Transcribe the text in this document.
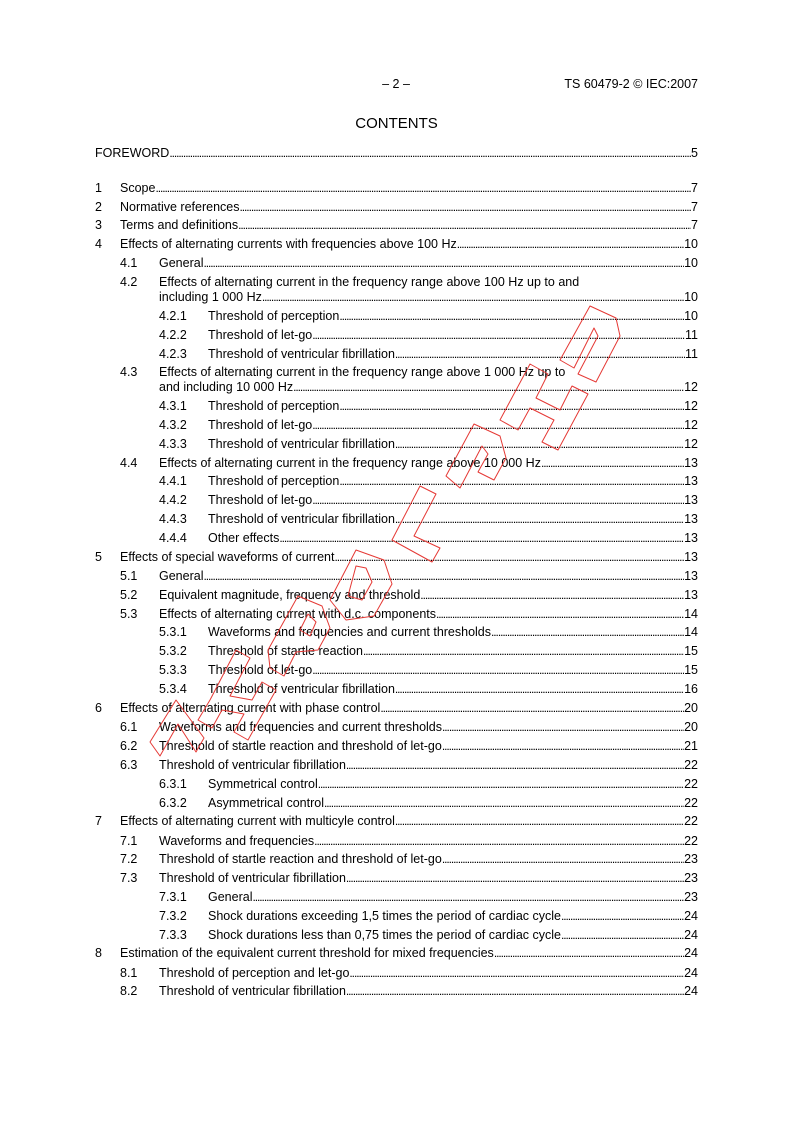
– 2 –	TS 60479-2 © IEC:2007
CONTENTS
FOREWORD . . .	5
1 Scope . . .	7
2 Normative references . . .	7
3 Terms and definitions . . .	7
4 Effects of alternating currents with frequencies above 100 Hz . . .	10
4.1 General . . .	10
4.2 Effects of alternating current in the frequency range above 100 Hz up to and
including 1 000 Hz . . .	10
4.2.1 Threshold of perception . . .	10
4.2.2 Threshold of let-go . . .	11
4.2.3 Threshold of ventricular fibrillation . . .	11
4.3 Effects of alternating current in the frequency range above 1 000 Hz up to
and including 10 000 Hz . . .	12
4.3.1 Threshold of perception . . .	12
4.3.2 Threshold of let-go . . .	12
4.3.3 Threshold of ventricular fibrillation . . .	12
4.4 Effects of alternating current in the frequency range above 10 000 Hz . . .	13
4.4.1 Threshold of perception . . .	13
4.4.2 Threshold of let-go . . .	13
4.4.3 Threshold of ventricular fibrillation . . .	13
4.4.4 Other effects . . .	13
5 Effects of special waveforms of current . . .	13
5.1 General . . .	13
5.2 Equivalent magnitude, frequency and threshold . . .	13
5.3 Effects of alternating current with d.c. components . . .	14
5.3.1 Waveforms and frequencies and current thresholds . . .	14
5.3.2 Threshold of startle reaction . . .	15
5.3.3 Threshold of let-go . . .	15
5.3.4 Threshold of ventricular fibrillation . . .	16
6 Effects of alternating current with phase control . . .	20
6.1 Waveforms and frequencies and current thresholds . . .	20
6.2 Threshold of startle reaction and threshold of let-go . . .	21
6.3 Threshold of ventricular fibrillation . . .	22
6.3.1 Symmetrical control . . .	22
6.3.2 Asymmetrical control . . .	22
7 Effects of alternating current with multicyle control . . .	22
7.1 Waveforms and frequencies . . .	22
7.2 Threshold of startle reaction and threshold of let-go . . .	23
7.3 Threshold of ventricular fibrillation . . .	23
7.3.1 General . . .	23
7.3.2 Shock durations exceeding 1,5 times the period of cardiac cycle . . .	24
7.3.3 Shock durations less than 0,75 times the period of cardiac cycle . . .	24
8 Estimation of the equivalent current threshold for mixed frequencies . . .	24
8.1 Threshold of perception and let-go . . .	24
8.2 Threshold of ventricular fibrillation . . .	24
